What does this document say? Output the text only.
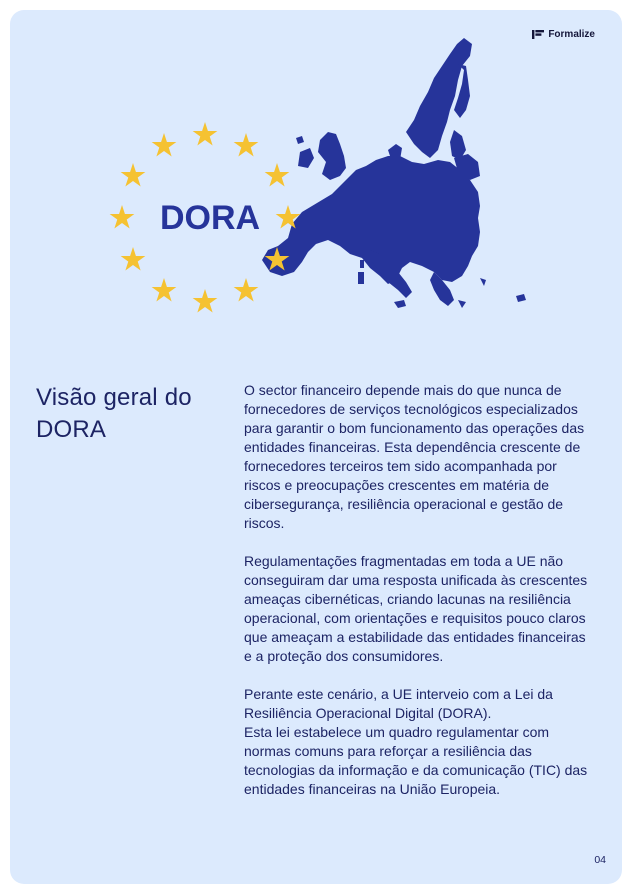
Formalize
DORA
Visão geral do DORA

O sector financeiro depende mais do que nunca de fornecedores de serviços tecnológicos especializados para garantir o bom funcionamento das operações das entidades financeiras. Esta dependência crescente de fornecedores terceiros tem sido acompanhada por riscos e preocupações crescentes em matéria de cibersegurança, resiliência operacional e gestão de riscos.

Regulamentações fragmentadas em toda a UE não conseguiram dar uma resposta unificada às crescentes ameaças cibernéticas, criando lacunas na resiliência operacional, com orientações e requisitos pouco claros que ameaçam a estabilidade das entidades financeiras e a proteção dos consumidores.

Perante este cenário, a UE interveio com a Lei da Resiliência Operacional Digital (DORA).
Esta lei estabelece um quadro regulamentar com normas comuns para reforçar a resiliência das tecnologias da informação e da comunicação (TIC) das entidades financeiras na União Europeia.

04
